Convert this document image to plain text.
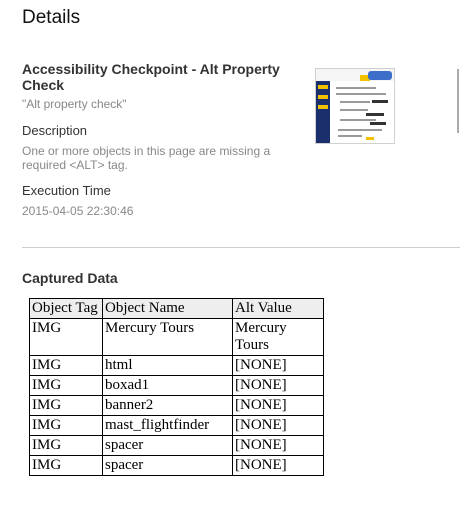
Details
Accessibility Checkpoint - Alt Property Check
"Alt property check"
Description
One or more objects in this page are missing a required <ALT> tag.
Execution Time
2015-04-05 22:30:46
Captured Data
Object Tag	Object Name	Alt Value
IMG	Mercury Tours	Mercury Tours
IMG	html	[NONE]
IMG	boxad1	[NONE]
IMG	banner2	[NONE]
IMG	mast_flightfinder	[NONE]
IMG	spacer	[NONE]
IMG	spacer	[NONE]
